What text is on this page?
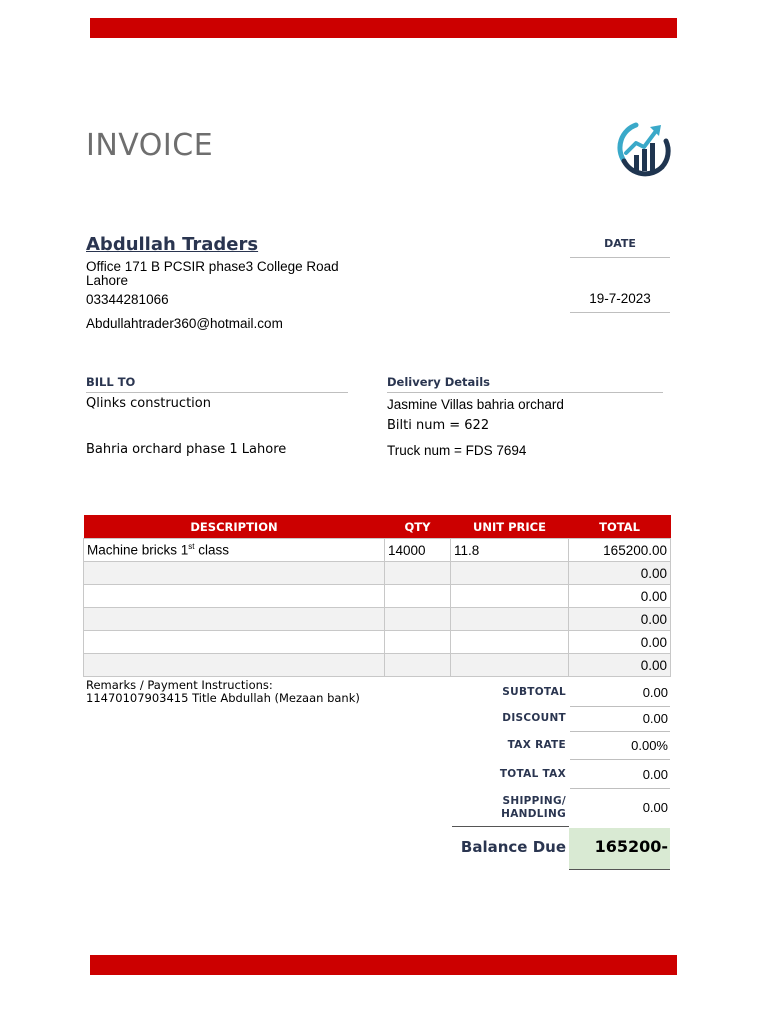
INVOICE
Abdullah Traders
Office 171 B PCSIR phase3 College Road
Lahore
03344281066
Abdullahtrader360@hotmail.com
DATE
19-7-2023
BILL TO
Qlinks construction
Bahria orchard phase 1 Lahore
Delivery Details
Jasmine Villas bahria orchard
Bilti num = 622
Truck num = FDS 7694
DESCRIPTION	QTY	UNIT PRICE	TOTAL
Machine bricks 1st class	14000	11.8	165200.00
			0.00
			0.00
			0.00
			0.00
			0.00
Remarks / Payment Instructions:
11470107903415 Title Abdullah (Mezaan bank)	SUBTOTAL	0.00
DISCOUNT	0.00
TAX RATE	0.00%
TOTAL TAX	0.00
SHIPPING/
HANDLING	0.00
Balance Due	165200-
